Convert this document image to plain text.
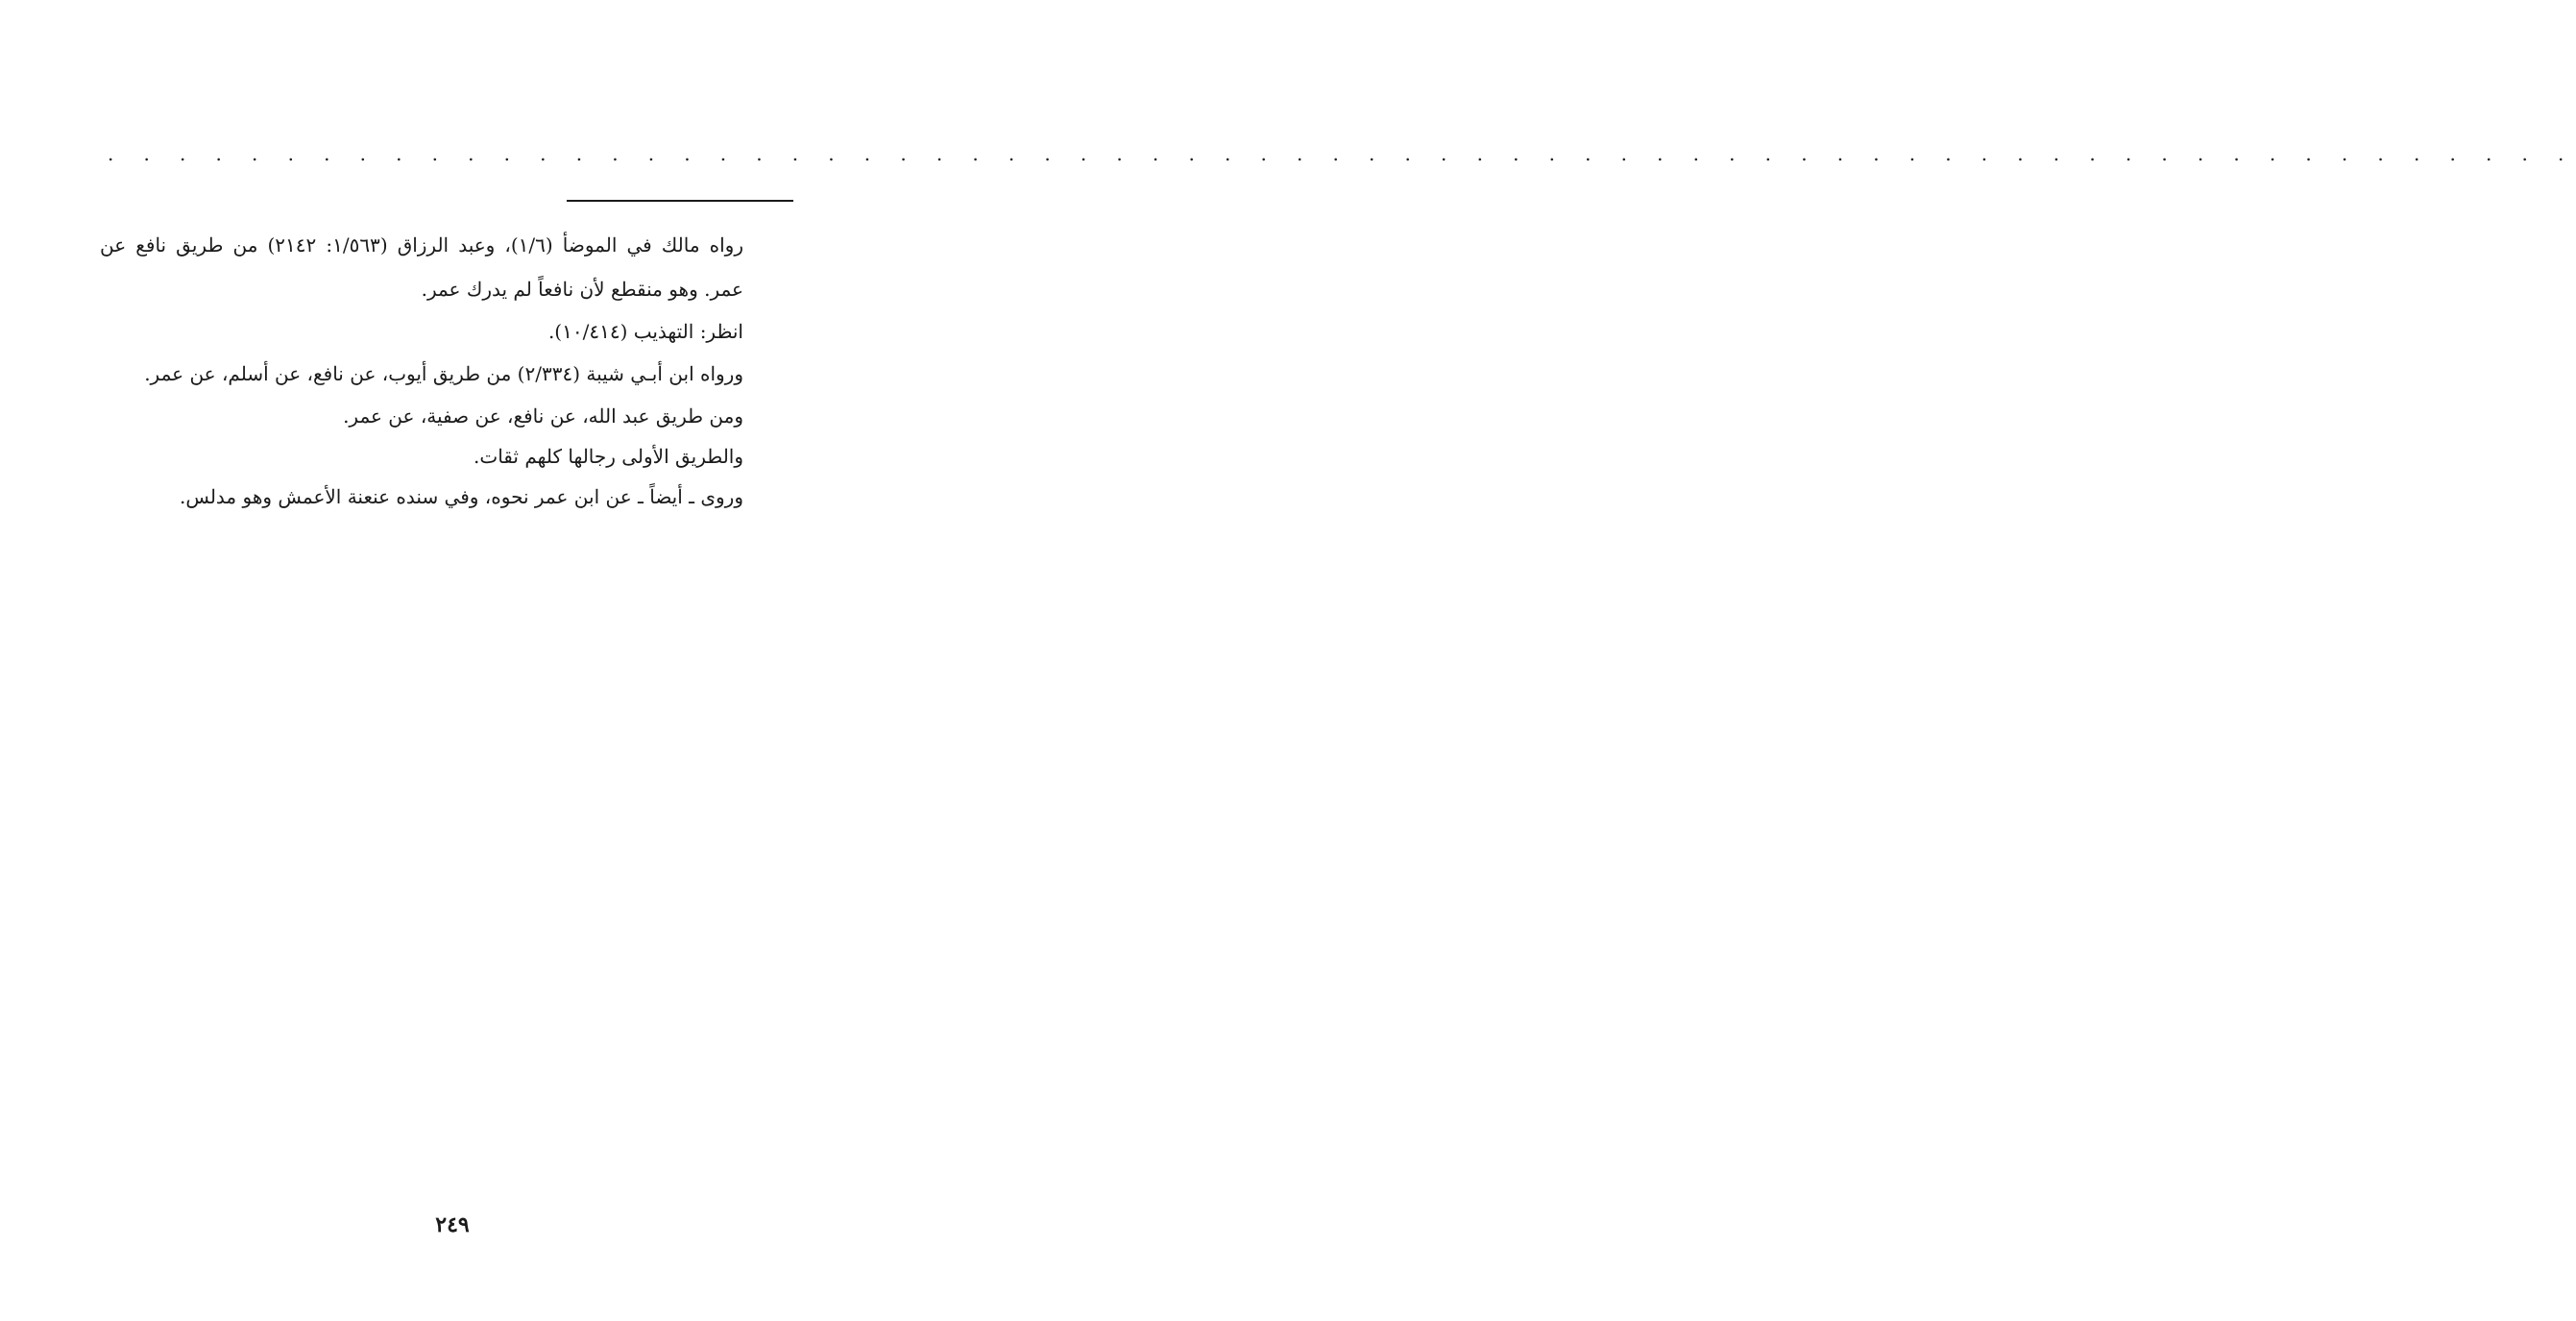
. . . . . . . . . . . . . . . . . . . . . . . . . . . . . . . . . . . . . . . . . . . . . . . . . . . . . . . . . . . . . . . . . . . . .

رواه مالك في الموضأ (١/٦)، وعبد الرزاق (١/٥٦٣: ٢١٤٢) من طريق نافع عن عمر. وهو منقطع لأن نافعاً لم يدرك عمر.

انظر: التهذيب (١٠/٤١٤).

ورواه ابن أبـي شيبة (٢/٣٣٤) من طريق أيوب، عن نافع، عن أسلم، عن عمر.

ومن طريق عبد الله، عن نافع، عن صفية، عن عمر.

والطريق الأولى رجالها كلهم ثقات.

وروى ـ أيضاً ـ عن ابن عمر نحوه، وفي سنده عنعنة الأعمش وهو مدلس.

٢٤٩
